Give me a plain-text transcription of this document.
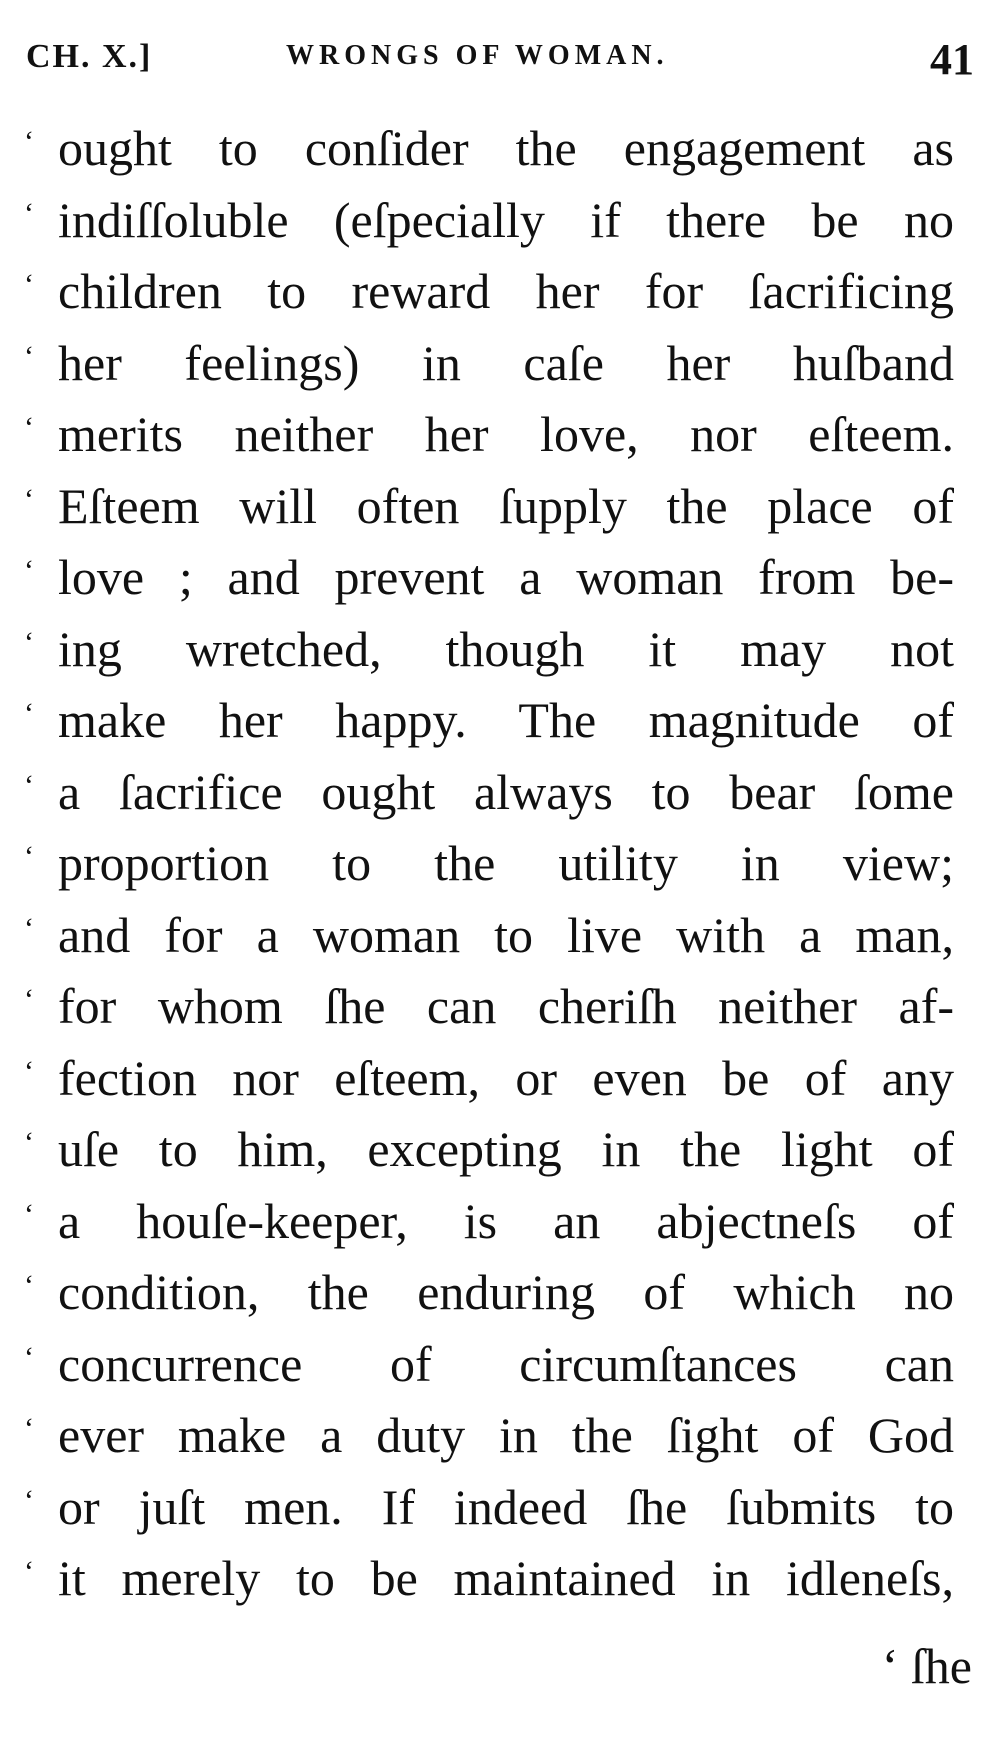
CH. X.]	WRONGS OF WOMAN.	41
‘ ought to conſider the engagement as
‘ indiſſoluble (eſpecially if there be no
‘ children to reward her for ſacrificing
‘ her feelings) in caſe her huſband
‘ merits neither her love, nor eſteem.
‘ Eſteem will often ſupply the place of
‘ love ; and prevent a woman from be-
‘ ing wretched, though it may not
‘ make her happy. The magnitude of
‘ a ſacrifice ought always to bear ſome
‘ proportion to the utility in view;
‘ and for a woman to live with a man,
‘ for whom ſhe can cheriſh neither af-
‘ fection nor eſteem, or even be of any
‘ uſe to him, excepting in the light of
‘ a houſe-keeper, is an abjectneſs of
‘ condition, the enduring of which no
‘ concurrence of circumſtances can
‘ ever make a duty in the ſight of God
‘ or juſt men. If indeed ſhe ſubmits to
‘ it merely to be maintained in idleneſs,
‘ ſhe
